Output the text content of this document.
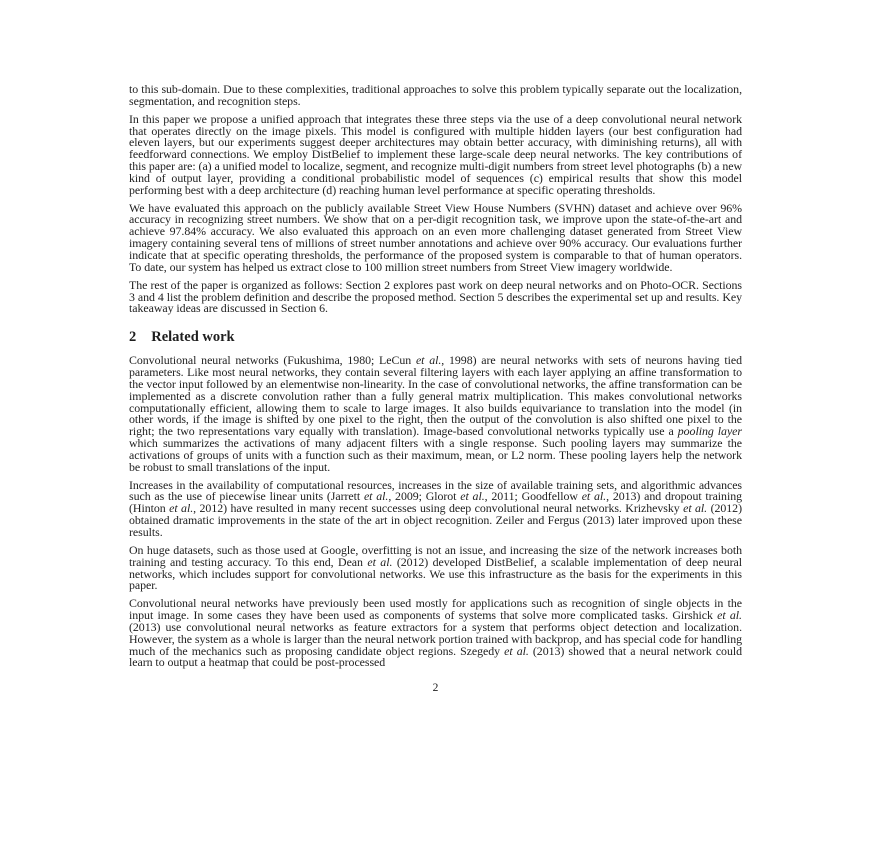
to this sub-domain. Due to these complexities, traditional approaches to solve this problem typically separate out the localization, segmentation, and recognition steps.

In this paper we propose a unified approach that integrates these three steps via the use of a deep convolutional neural network that operates directly on the image pixels. This model is configured with multiple hidden layers (our best configuration had eleven layers, but our experiments suggest deeper architectures may obtain better accuracy, with diminishing returns), all with feedforward connections. We employ DistBelief to implement these large-scale deep neural networks. The key contributions of this paper are: (a) a unified model to localize, segment, and recognize multi-digit numbers from street level photographs (b) a new kind of output layer, providing a conditional probabilistic model of sequences (c) empirical results that show this model performing best with a deep architecture (d) reaching human level performance at specific operating thresholds.

We have evaluated this approach on the publicly available Street View House Numbers (SVHN) dataset and achieve over 96% accuracy in recognizing street numbers. We show that on a per-digit recognition task, we improve upon the state-of-the-art and achieve 97.84% accuracy. We also evaluated this approach on an even more challenging dataset generated from Street View imagery containing several tens of millions of street number annotations and achieve over 90% accuracy. Our evaluations further indicate that at specific operating thresholds, the performance of the proposed system is comparable to that of human operators. To date, our system has helped us extract close to 100 million street numbers from Street View imagery worldwide.

The rest of the paper is organized as follows: Section 2 explores past work on deep neural networks and on Photo-OCR. Sections 3 and 4 list the problem definition and describe the proposed method. Section 5 describes the experimental set up and results. Key takeaway ideas are discussed in Section 6.

2 Related work

Convolutional neural networks (Fukushima, 1980; LeCun et al., 1998) are neural networks with sets of neurons having tied parameters. Like most neural networks, they contain several filtering layers with each layer applying an affine transformation to the vector input followed by an elementwise non-linearity. In the case of convolutional networks, the affine transformation can be implemented as a discrete convolution rather than a fully general matrix multiplication. This makes convolutional networks computationally efficient, allowing them to scale to large images. It also builds equivariance to translation into the model (in other words, if the image is shifted by one pixel to the right, then the output of the convolution is also shifted one pixel to the right; the two representations vary equally with translation). Image-based convolutional networks typically use a pooling layer which summarizes the activations of many adjacent filters with a single response. Such pooling layers may summarize the activations of groups of units with a function such as their maximum, mean, or L2 norm. These pooling layers help the network be robust to small translations of the input.

Increases in the availability of computational resources, increases in the size of available training sets, and algorithmic advances such as the use of piecewise linear units (Jarrett et al., 2009; Glorot et al., 2011; Goodfellow et al., 2013) and dropout training (Hinton et al., 2012) have resulted in many recent successes using deep convolutional neural networks. Krizhevsky et al. (2012) obtained dramatic improvements in the state of the art in object recognition. Zeiler and Fergus (2013) later improved upon these results.

On huge datasets, such as those used at Google, overfitting is not an issue, and increasing the size of the network increases both training and testing accuracy. To this end, Dean et al. (2012) developed DistBelief, a scalable implementation of deep neural networks, which includes support for convolutional networks. We use this infrastructure as the basis for the experiments in this paper.

Convolutional neural networks have previously been used mostly for applications such as recognition of single objects in the input image. In some cases they have been used as components of systems that solve more complicated tasks. Girshick et al. (2013) use convolutional neural networks as feature extractors for a system that performs object detection and localization. However, the system as a whole is larger than the neural network portion trained with backprop, and has special code for handling much of the mechanics such as proposing candidate object regions. Szegedy et al. (2013) showed that a neural network could learn to output a heatmap that could be post-processed

2
